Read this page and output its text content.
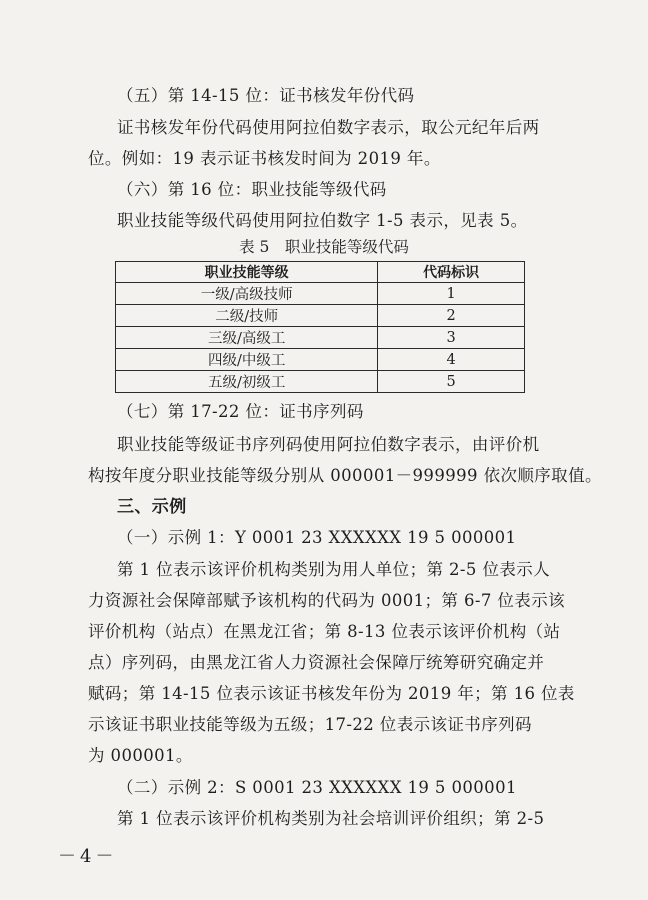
（五）第 14-15 位：证书核发年份代码
证书核发年份代码使用阿拉伯数字表示，取公元纪年后两
位。例如：19 表示证书核发时间为 2019 年。
（六）第 16 位：职业技能等级代码
职业技能等级代码使用阿拉伯数字 1-5 表示，见表 5。
表 5　职业技能等级代码
职业技能等级	代码标识
一级/高级技师	1
二级/技师	2
三级/高级工	3
四级/中级工	4
五级/初级工	5
（七）第 17-22 位：证书序列码
职业技能等级证书序列码使用阿拉伯数字表示，由评价机
构按年度分职业技能等级分别从 000001－999999 依次顺序取值。
三、示例
（一）示例 1：Y 0001 23 XXXXXX 19 5 000001
第 1 位表示该评价机构类别为用人单位；第 2-5 位表示人
力资源社会保障部赋予该机构的代码为 0001；第 6-7 位表示该
评价机构（站点）在黑龙江省；第 8-13 位表示该评价机构（站
点）序列码，由黑龙江省人力资源社会保障厅统筹研究确定并
赋码；第 14-15 位表示该证书核发年份为 2019 年；第 16 位表
示该证书职业技能等级为五级；17-22 位表示该证书序列码
为 000001。
（二）示例 2：S 0001 23 XXXXXX 19 5 000001
第 1 位表示该评价机构类别为社会培训评价组织；第 2-5
－4－
